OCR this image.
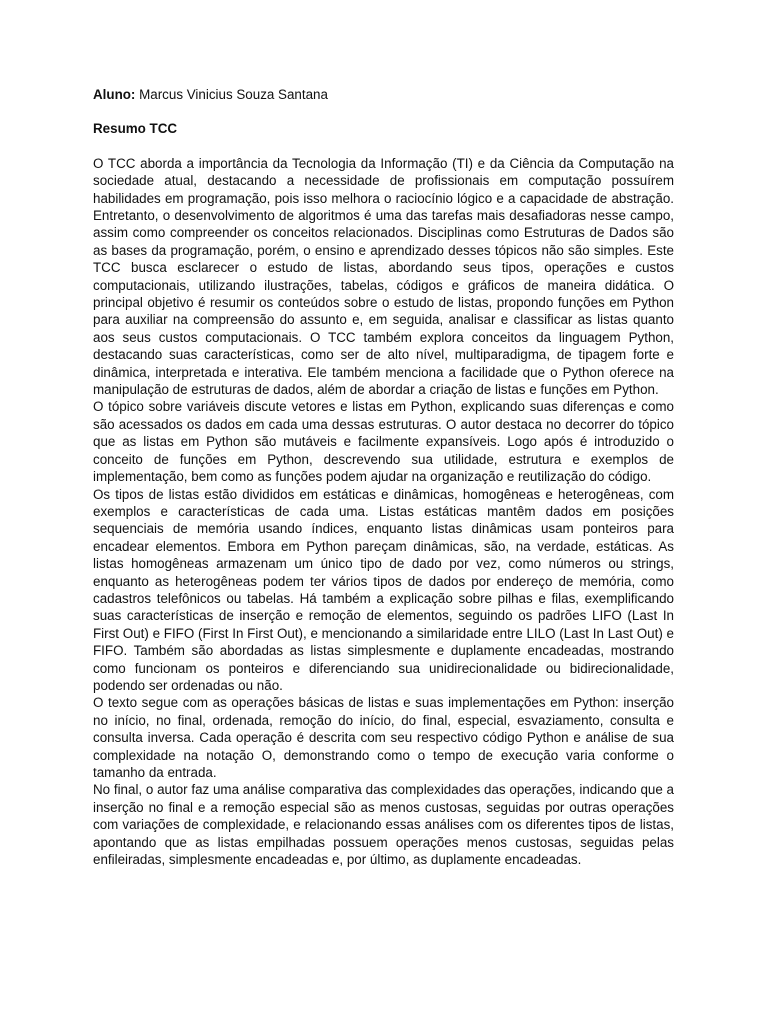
Aluno: Marcus Vinicius Souza Santana

Resumo TCC

O TCC aborda a importância da Tecnologia da Informação (TI) e da Ciência da Computação na sociedade atual, destacando a necessidade de profissionais em computação possuírem habilidades em programação, pois isso melhora o raciocínio lógico e a capacidade de abstração. Entretanto, o desenvolvimento de algoritmos é uma das tarefas mais desafiadoras nesse campo, assim como compreender os conceitos relacionados. Disciplinas como Estruturas de Dados são as bases da programação, porém, o ensino e aprendizado desses tópicos não são simples. Este TCC busca esclarecer o estudo de listas, abordando seus tipos, operações e custos computacionais, utilizando ilustrações, tabelas, códigos e gráficos de maneira didática. O principal objetivo é resumir os conteúdos sobre o estudo de listas, propondo funções em Python para auxiliar na compreensão do assunto e, em seguida, analisar e classificar as listas quanto aos seus custos computacionais. O TCC também explora conceitos da linguagem Python, destacando suas características, como ser de alto nível, multiparadigma, de tipagem forte e dinâmica, interpretada e interativa. Ele também menciona a facilidade que o Python oferece na manipulação de estruturas de dados, além de abordar a criação de listas e funções em Python.

O tópico sobre variáveis discute vetores e listas em Python, explicando suas diferenças e como são acessados os dados em cada uma dessas estruturas. O autor destaca no decorrer do tópico que as listas em Python são mutáveis e facilmente expansíveis. Logo após é introduzido o conceito de funções em Python, descrevendo sua utilidade, estrutura e exemplos de implementação, bem como as funções podem ajudar na organização e reutilização do código.

Os tipos de listas estão divididos em estáticas e dinâmicas, homogêneas e heterogêneas, com exemplos e características de cada uma. Listas estáticas mantêm dados em posições sequenciais de memória usando índices, enquanto listas dinâmicas usam ponteiros para encadear elementos. Embora em Python pareçam dinâmicas, são, na verdade, estáticas. As listas homogêneas armazenam um único tipo de dado por vez, como números ou strings, enquanto as heterogêneas podem ter vários tipos de dados por endereço de memória, como cadastros telefônicos ou tabelas. Há também a explicação sobre pilhas e filas, exemplificando suas características de inserção e remoção de elementos, seguindo os padrões LIFO (Last In First Out) e FIFO (First In First Out), e mencionando a similaridade entre LILO (Last In Last Out) e FIFO. Também são abordadas as listas simplesmente e duplamente encadeadas, mostrando como funcionam os ponteiros e diferenciando sua unidirecionalidade ou bidirecionalidade, podendo ser ordenadas ou não.

O texto segue com as operações básicas de listas e suas implementações em Python: inserção no início, no final, ordenada, remoção do início, do final, especial, esvaziamento, consulta e consulta inversa. Cada operação é descrita com seu respectivo código Python e análise de sua complexidade na notação O, demonstrando como o tempo de execução varia conforme o tamanho da entrada.

No final, o autor faz uma análise comparativa das complexidades das operações, indicando que a inserção no final e a remoção especial são as menos custosas, seguidas por outras operações com variações de complexidade, e relacionando essas análises com os diferentes tipos de listas, apontando que as listas empilhadas possuem operações menos custosas, seguidas pelas enfileiradas, simplesmente encadeadas e, por último, as duplamente encadeadas.
